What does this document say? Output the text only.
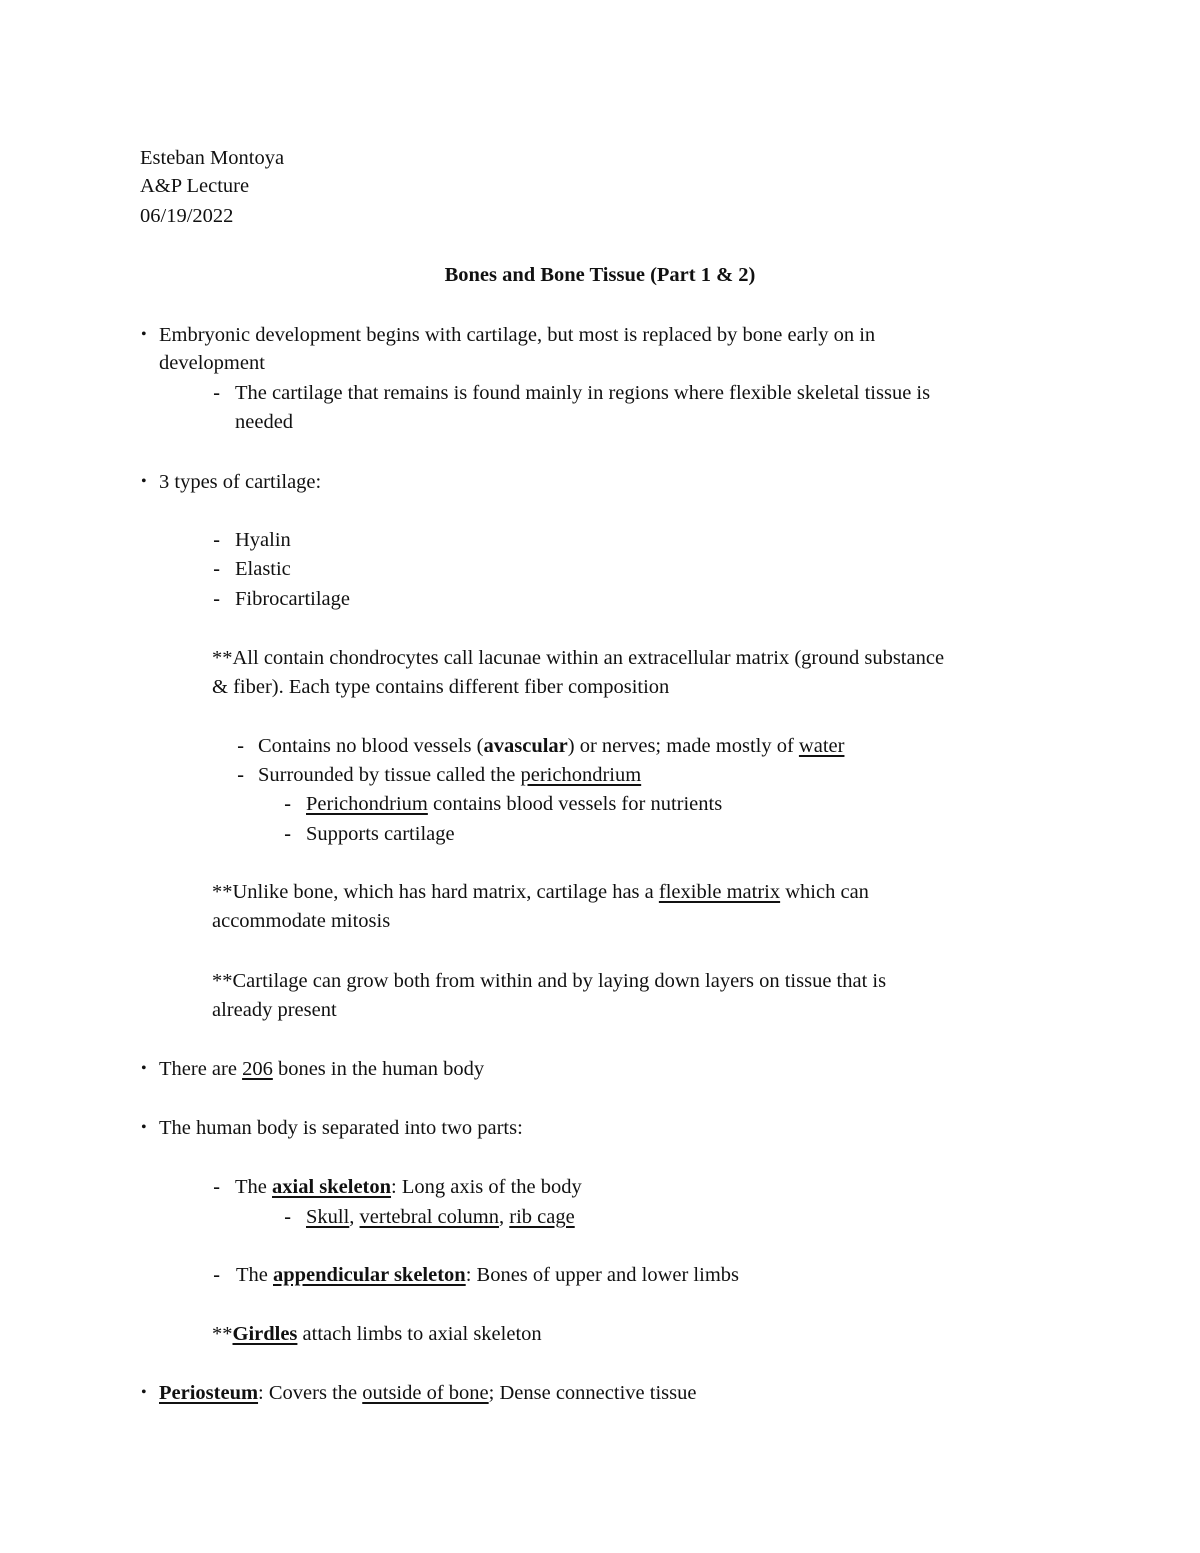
Esteban Montoya
A&P Lecture
06/19/2022
Bones and Bone Tissue (Part 1 & 2)
• Embryonic development begins with cartilage, but most is replaced by bone early on in
development
- The cartilage that remains is found mainly in regions where flexible skeletal tissue is
needed
• 3 types of cartilage:
- Hyalin
- Elastic
- Fibrocartilage
**All contain chondrocytes call lacunae within an extracellular matrix (ground substance
& fiber). Each type contains different fiber composition
- Contains no blood vessels (avascular) or nerves; made mostly of water
- Surrounded by tissue called the perichondrium
- Perichondrium contains blood vessels for nutrients
- Supports cartilage
**Unlike bone, which has hard matrix, cartilage has a flexible matrix which can
accommodate mitosis
**Cartilage can grow both from within and by laying down layers on tissue that is
already present
• There are 206 bones in the human body
• The human body is separated into two parts:
- The axial skeleton: Long axis of the body
- Skull, vertebral column, rib cage
- The appendicular skeleton: Bones of upper and lower limbs
**Girdles attach limbs to axial skeleton
• Periosteum: Covers the outside of bone; Dense connective tissue
